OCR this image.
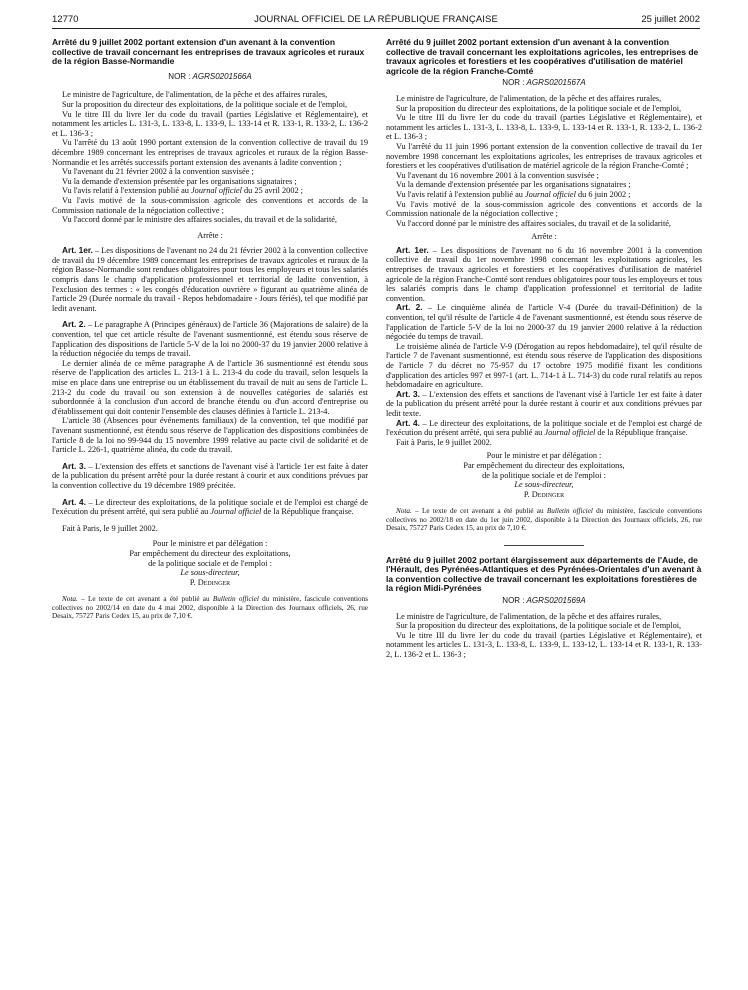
12770	JOURNAL OFFICIEL DE LA RÉPUBLIQUE FRANÇAISE	25 juillet 2002
Arrêté du 9 juillet 2002 portant extension d'un avenant à la convention collective de travail concernant les entreprises de travaux agricoles et ruraux de la région Basse-Normandie
NOR : AGRS0201566A

Le ministre de l'agriculture, de l'alimentation, de la pêche et des affaires rurales,

Sur la proposition du directeur des exploitations, de la politique sociale et de l'emploi,

Vu le titre III du livre Ier du code du travail (parties Législative et Réglementaire), et notamment les articles L. 131-3, L. 133-8, L. 133-9, L. 133-14 et R. 133-1, R. 133-2, L. 136-2 et L. 136-3 ;

Vu l'arrêté du 13 août 1990 portant extension de la convention collective de travail du 19 décembre 1989 concernant les entreprises de travaux agricoles et ruraux de la région Basse-Normandie et les arrêtés successifs portant extension des avenants à ladite convention ;

Vu l'avenant du 21 février 2002 à la convention susvisée ;

Vu la demande d'extension présentée par les organisations signataires ;

Vu l'avis relatif à l'extension publié au Journal officiel du 25 avril 2002 ;

Vu l'avis motivé de la sous-commission agricole des conventions et accords de la Commission nationale de la négociation collective ;

Vu l'accord donné par le ministre des affaires sociales, du travail et de la solidarité,

Arrête :

Art. 1er. – Les dispositions de l'avenant no 24 du 21 février 2002 à la convention collective de travail du 19 décembre 1989 concernant les entreprises de travaux agricoles et ruraux de la région Basse-Normandie sont rendues obligatoires pour tous les employeurs et tous les salariés compris dans le champ d'application professionnel et territorial de ladite convention, à l'exclusion des termes : « les congés d'éducation ouvrière » figurant au quatrième alinéa de l'article 29 (Durée normale du travail - Repos hebdomadaire - Jours fériés), tel que modifié par ledit avenant.

Art. 2. – Le paragraphe A (Principes généraux) de l'article 36 (Majorations de salaire) de la convention, tel que cet article résulte de l'avenant susmentionné, est étendu sous réserve de l'application des dispositions de l'article 5-V de la loi no 2000-37 du 19 janvier 2000 relative à la réduction négociée du temps de travail.

Le dernier alinéa de ce même paragraphe A de l'article 36 susmentionné est étendu sous réserve de l'application des articles L. 213-1 à L. 213-4 du code du travail, selon lesquels la mise en place dans une entreprise ou un établissement du travail de nuit au sens de l'article L. 213-2 du code du travail ou son extension à de nouvelles catégories de salariés est subordonnée à la conclusion d'un accord de branche étendu ou d'un accord d'entreprise ou d'établissement qui doit contenir l'ensemble des clauses définies à l'article L. 213-4.

L'article 38 (Absences pour événements familiaux) de la convention, tel que modifié par l'avenant susmentionné, est étendu sous réserve de l'application des dispositions combinées de l'article 8 de la loi no 99-944 du 15 novembre 1999 relative au pacte civil de solidarité et de l'article L. 226-1, quatrième alinéa, du code du travail.

Art. 3. – L'extension des effets et sanctions de l'avenant visé à l'article 1er est faite à dater de la publication du présent arrêté pour la durée restant à courir et aux conditions prévues par la convention collective du 19 décembre 1989 précitée.

Art. 4. – Le directeur des exploitations, de la politique sociale et de l'emploi est chargé de l'exécution du présent arrêté, qui sera publié au Journal officiel de la République française.

Fait à Paris, le 9 juillet 2002.

Pour le ministre et par délégation :

Par empêchement du directeur des exploitations,

de la politique sociale et de l'emploi :

Le sous-directeur,

P. Dedinger

Nota. – Le texte de cet avenant a été publié au Bulletin officiel du ministère, fascicule conventions collectives no 2002/14 en date du 4 mai 2002, disponible à la Direction des Journaux officiels, 26, rue Desaix, 75727 Paris Cedex 15, au prix de 7,10 €.

Arrêté du 9 juillet 2002 portant extension d'un avenant à la convention collective de travail concernant les exploitations agricoles, les entreprises de travaux agricoles et forestiers et les coopératives d'utilisation de matériel agricole de la région Franche-Comté
NOR : AGRS0201567A

Le ministre de l'agriculture, de l'alimentation, de la pêche et des affaires rurales,

Sur la proposition du directeur des exploitations, de la politique sociale et de l'emploi,

Vu le titre III du livre Ier du code du travail (parties Législative et Réglementaire), et notamment les articles L. 131-3, L. 133-8, L. 133-9, L. 133-14 et R. 133-1, R. 133-2, L. 136-2 et L. 136-3 ;

Vu l'arrêté du 11 juin 1996 portant extension de la convention collective de travail du 1er novembre 1998 concernant les exploitations agricoles, les entreprises de travaux agricoles et forestiers et les coopératives d'utilisation de matériel agricole de la région Franche-Comté ;

Vu l'avenant du 16 novembre 2001 à la convention susvisée ;

Vu la demande d'extension présentée par les organisations signataires ;

Vu l'avis relatif à l'extension publié au Journal officiel du 6 juin 2002 ;

Vu l'avis motivé de la sous-commission agricole des conventions et accords de la Commission nationale de la négociation collective ;

Vu l'accord donné par le ministre des affaires sociales, du travail et de la solidarité,

Arrête :

Art. 1er. – Les dispositions de l'avenant no 6 du 16 novembre 2001 à la convention collective de travail du 1er novembre 1998 concernant les exploitations agricoles, les entreprises de travaux agricoles et forestiers et les coopératives d'utilisation de matériel agricole de la région Franche-Comté sont rendues obligatoires pour tous les employeurs et tous les salariés compris dans le champ d'application professionnel et territorial de ladite convention.

Art. 2. – Le cinquième alinéa de l'article V-4 (Durée du travail-Définition) de la convention, tel qu'il résulte de l'article 4 de l'avenant susmentionné, est étendu sous réserve de l'application de l'article 5-V de la loi no 2000-37 du 19 janvier 2000 relative à la réduction négociée du temps de travail.

Le troisième alinéa de l'article V-9 (Dérogation au repos hebdomadaire), tel qu'il résulte de l'article 7 de l'avenant susmentionné, est étendu sous réserve de l'application des dispositions de l'article 7 du décret no 75-957 du 17 octobre 1975 modifié fixant les conditions d'application des articles 997 et 997-1 (art. L. 714-1 à L. 714-3) du code rural relatifs au repos hebdomadaire en agriculture.

Art. 3. – L'extension des effets et sanctions de l'avenant visé à l'article 1er est faite à dater de la publication du présent arrêté pour la durée restant à courir et aux conditions prévues par ledit texte.

Art. 4. – Le directeur des exploitations, de la politique sociale et de l'emploi est chargé de l'exécution du présent arrêté, qui sera publié au Journal officiel de la République française.

Fait à Paris, le 9 juillet 2002.

Pour le ministre et par délégation :

Par empêchement du directeur des exploitations,

de la politique sociale et de l'emploi :

Le sous-directeur,

P. Dedinger

Nota. – Le texte de cet avenant a été publié au Bulletin officiel du ministère, fascicule conventions collectives no 2002/18 en date du 1er juin 2002, disponible à la Direction des Journaux officiels, 26, rue Desaix, 75727 Paris Cedex 15, au prix de 7,10 €.

Arrêté du 9 juillet 2002 portant élargissement aux départements de l'Aude, de l'Hérault, des Pyrénées-Atlantiques et des Pyrénées-Orientales d'un avenant à la convention collective de travail concernant les exploitations forestières de la région Midi-Pyrénées
NOR : AGRS0201569A

Le ministre de l'agriculture, de l'alimentation, de la pêche et des affaires rurales,

Sur la proposition du directeur des exploitations, de la politique sociale et de l'emploi,

Vu le titre III du livre Ier du code du travail (parties Législative et Réglementaire), et notamment les articles L. 131-3, L. 133-8, L. 133-9, L. 133-12, L. 133-14 et R. 133-1, R. 133-2, L. 136-2 et L. 136-3 ;
